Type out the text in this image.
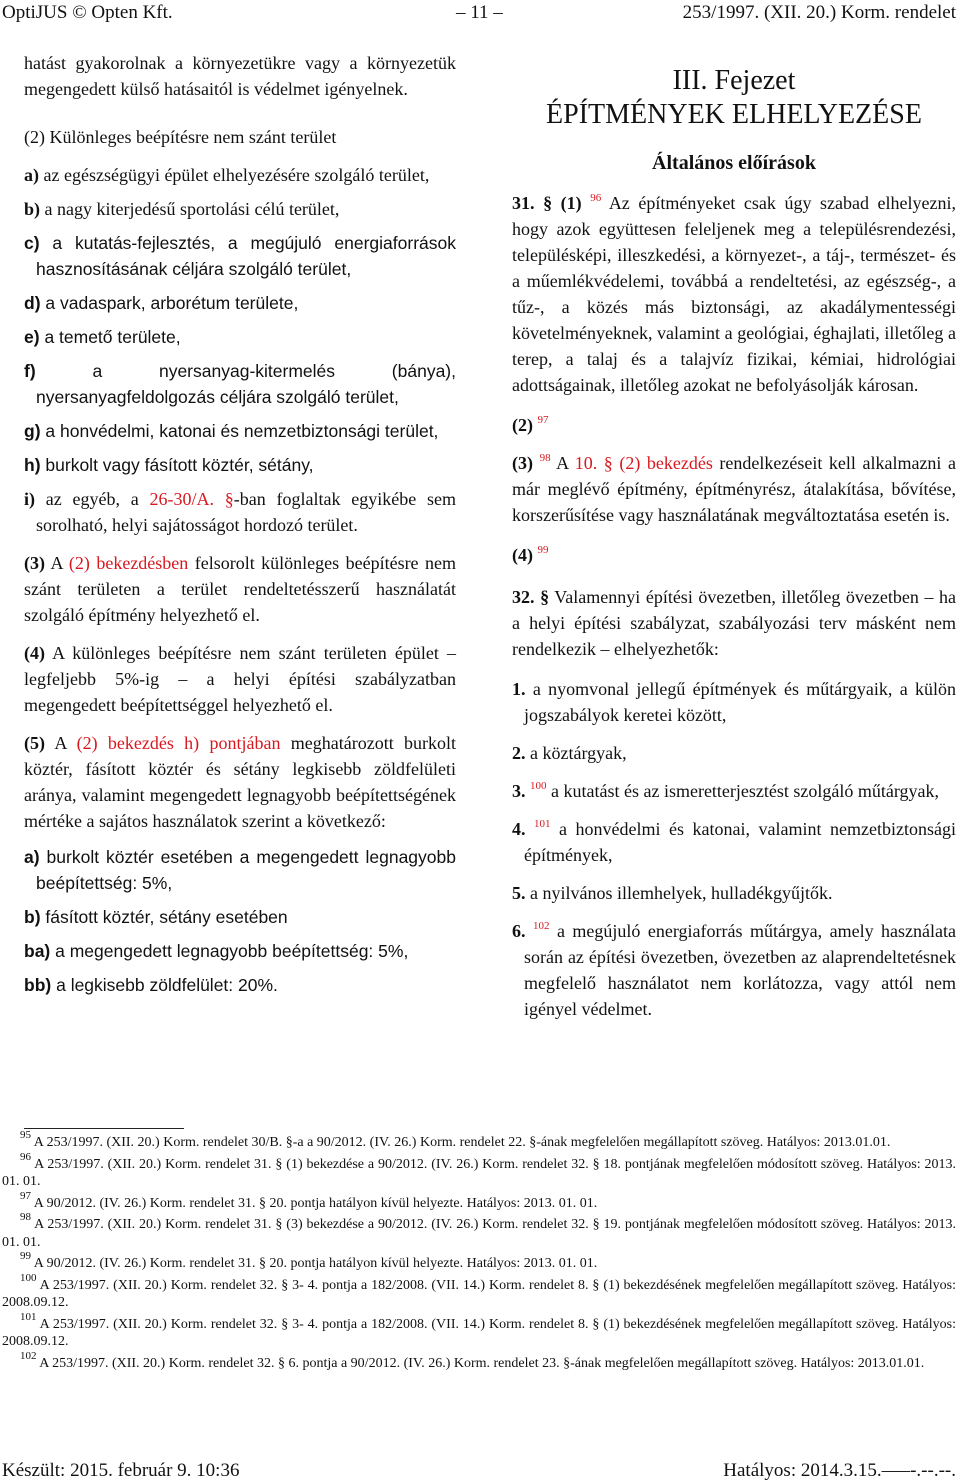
OptiJUS © Opten Kft.	– 11 –	253/1997. (XII. 20.) Korm. rendelet

hatást gyakorolnak a környezetükre vagy a környezetük megengedett külső hatásaitól is védelmet igényelnek.

(2) Különleges beépítésre nem szánt terület

a) az egészségügyi épület elhelyezésére szolgáló terület,

b) a nagy kiterjedésű sportolási célú terület,

c) a kutatás-fejlesztés, a megújuló energiaforrások hasznosításának céljára szolgáló terület,

d) a vadaspark, arborétum területe,

e) a temető területe,

f)	a nyersanyag-kitermelés (bánya), nyersanyagfeldolgozás céljára szolgáló terület,

g) a honvédelmi, katonai és nemzetbiztonsági terület,

h) burkolt vagy fásított köztér, sétány,

i) az egyéb, a 26-30/A. §-ban foglaltak egyikébe sem sorolható, helyi sajátosságot hordozó terület.

(3) A (2) bekezdésben felsorolt különleges beépítésre nem szánt területen a terület rendeltetésszerű használatát szolgáló építmény helyezhető el.

(4) A különleges beépítésre nem szánt területen épület – legfeljebb 5%-ig – a helyi építési szabályzatban megengedett beépítettséggel helyezhető el.

(5) A (2) bekezdés h) pontjában meghatározott burkolt köztér, fásított köztér és sétány legkisebb zöldfelületi aránya, valamint megengedett legnagyobb beépítettségének mértéke a sajátos használatok szerint a következő:

a) burkolt köztér esetében a megengedett legnagyobb beépítettség: 5%,

b) fásított köztér, sétány esetében

ba) a megengedett legnagyobb beépítettség: 5%,

bb) a legkisebb zöldfelület: 20%.

III. Fejezet

ÉPÍTMÉNYEK ELHELYEZÉSE

Általános előírások

31. § (1) $^{96}$ Az építményeket csak úgy szabad elhelyezni, hogy azok együttesen feleljenek meg a településrendezési, településképi, illeszkedési, a környezet-, a táj-, természet- és a műemlékvédelemi, továbbá a rendeltetési, az egészség-, a tűz-, a közés más biztonsági, az akadálymentességi követelményeknek, valamint a geológiai, éghajlati, illetőleg a terep, a talaj és a talajvíz fizikai, kémiai, hidrológiai adottságainak, illetőleg azokat ne befolyásolják károsan.

(2) $^{97}$

(3) $^{98}$ A 10. § (2) bekezdés rendelkezéseit kell alkalmazni a már meglévő építmény, építményrész, átalakítása, bővítése, korszerűsítése vagy használatának megváltoztatása esetén is.

(4) $^{99}$

32. § Valamennyi építési övezetben, illetőleg övezetben – ha a helyi építési szabályzat, szabályozási terv másként nem rendelkezik – elhelyezhetők:

1. a nyomvonal jellegű építmények és műtárgyaik, a külön jogszabályok keretei között,

2. a köztárgyak,

3. $^{100}$ a kutatást és az ismeretterjesztést szolgáló műtárgyak,

4. $^{101}$ a honvédelmi és katonai, valamint nemzetbiztonsági építmények,

5. a nyilvános illemhelyek, hulladékgyűjtők.

6. $^{102}$ a megújuló energiaforrás műtárgya, amely használata során az építési övezetben, övezetben az alaprendeltetésnek megfelelő használatot nem korlátozza, vagy attól nem igényel védelmet.

$^{95}$ A 253/1997. (XII. 20.) Korm. rendelet 30/B. §-a a 90/2012. (IV. 26.) Korm. rendelet 22. §-ának megfelelően megállapított szöveg. Hatályos: 2013.01.01.

$^{96}$ A 253/1997. (XII. 20.) Korm. rendelet 31. § (1) bekezdése a 90/2012. (IV. 26.) Korm. rendelet 32. § 18. pontjának megfelelően módosított szöveg. Hatályos: 2013. 01. 01.

$^{97}$ A 90/2012. (IV. 26.) Korm. rendelet 31. § 20. pontja hatályon kívül helyezte. Hatályos: 2013. 01. 01.

$^{98}$ A 253/1997. (XII. 20.) Korm. rendelet 31. § (3) bekezdése a 90/2012. (IV. 26.) Korm. rendelet 32. § 19. pontjának megfelelően módosított szöveg. Hatályos: 2013. 01. 01.

$^{99}$ A 90/2012. (IV. 26.) Korm. rendelet 31. § 20. pontja hatályon kívül helyezte. Hatályos: 2013. 01. 01.

$^{100}$ A 253/1997. (XII. 20.) Korm. rendelet 32. § 3- 4. pontja a 182/2008. (VII. 14.) Korm. rendelet 8. § (1) bekezdésének megfelelően megállapított szöveg. Hatályos: 2008.09.12.

$^{101}$ A 253/1997. (XII. 20.) Korm. rendelet 32. § 3- 4. pontja a 182/2008. (VII. 14.) Korm. rendelet 8. § (1) bekezdésének megfelelően megállapított szöveg. Hatályos: 2008.09.12.

$^{102}$ A 253/1997. (XII. 20.) Korm. rendelet 32. § 6. pontja a 90/2012. (IV. 26.) Korm. rendelet 23. §-ának megfelelően megállapított szöveg. Hatályos: 2013.01.01.

Készült: 2015. február 9. 10:36	Hatályos: 2014.3.15.–––-.--.--.
